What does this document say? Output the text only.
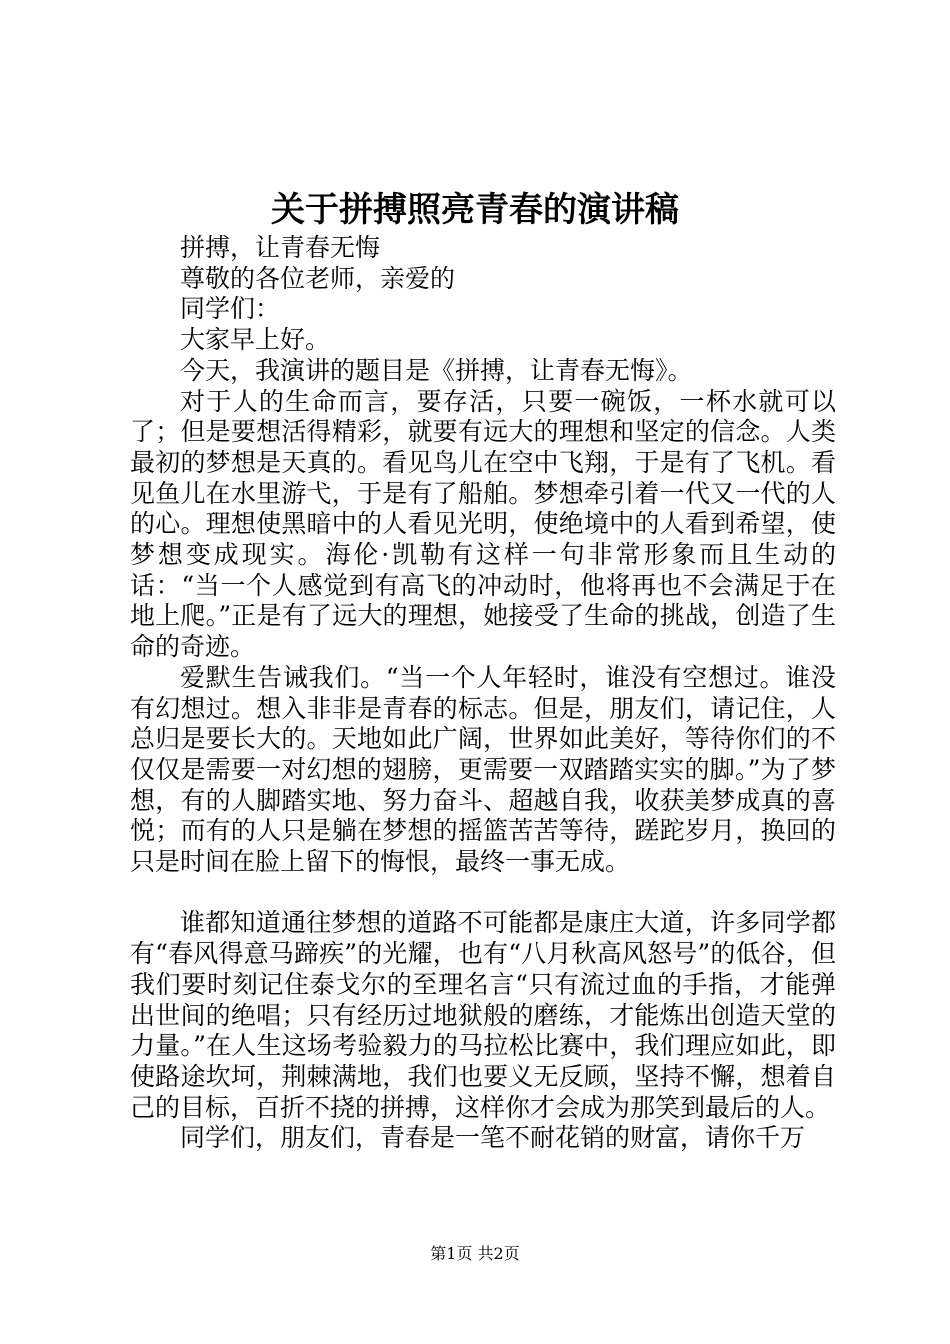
关于拼搏照亮青春的演讲稿

拼搏，让青春无悔

尊敬的各位老师，亲爱的

同学们：

大家早上好。

今天，我演讲的题目是《拼搏，让青春无悔》。

对于人的生命而言，要存活，只要一碗饭，一杯水就可以了；但是要想活得精彩，就要有远大的理想和坚定的信念。人类最初的梦想是天真的。看见鸟儿在空中飞翔，于是有了飞机。看见鱼儿在水里游弋，于是有了船舶。梦想牵引着一代又一代的人的心。理想使黑暗中的人看见光明，使绝境中的人看到希望，使梦想变成现实。海伦·凯勒有这样一句非常形象而且生动的话：“当一个人感觉到有高飞的冲动时，他将再也不会满足于在地上爬。”正是有了远大的理想，她接受了生命的挑战，创造了生命的奇迹。

爱默生告诫我们。“当一个人年轻时，谁没有空想过。谁没有幻想过。想入非非是青春的标志。但是，朋友们，请记住，人总归是要长大的。天地如此广阔，世界如此美好，等待你们的不仅仅是需要一对幻想的翅膀，更需要一双踏踏实实的脚。”为了梦想，有的人脚踏实地、努力奋斗、超越自我，收获美梦成真的喜悦；而有的人只是躺在梦想的摇篮苦苦等待，蹉跎岁月，换回的只是时间在脸上留下的悔恨，最终一事无成。

谁都知道通往梦想的道路不可能都是康庄大道，许多同学都有“春风得意马蹄疾”的光耀，也有“八月秋高风怒号”的低谷，但我们要时刻记住泰戈尔的至理名言“只有流过血的手指，才能弹出世间的绝唱；只有经历过地狱般的磨练，才能炼出创造天堂的力量。”在人生这场考验毅力的马拉松比赛中，我们理应如此，即使路途坎坷，荆棘满地，我们也要义无反顾，坚持不懈，想着自己的目标，百折不挠的拼搏，这样你才会成为那笑到最后的人。

同学们，朋友们，青春是一笔不耐花销的财富，请你千万

第1页 共2页
